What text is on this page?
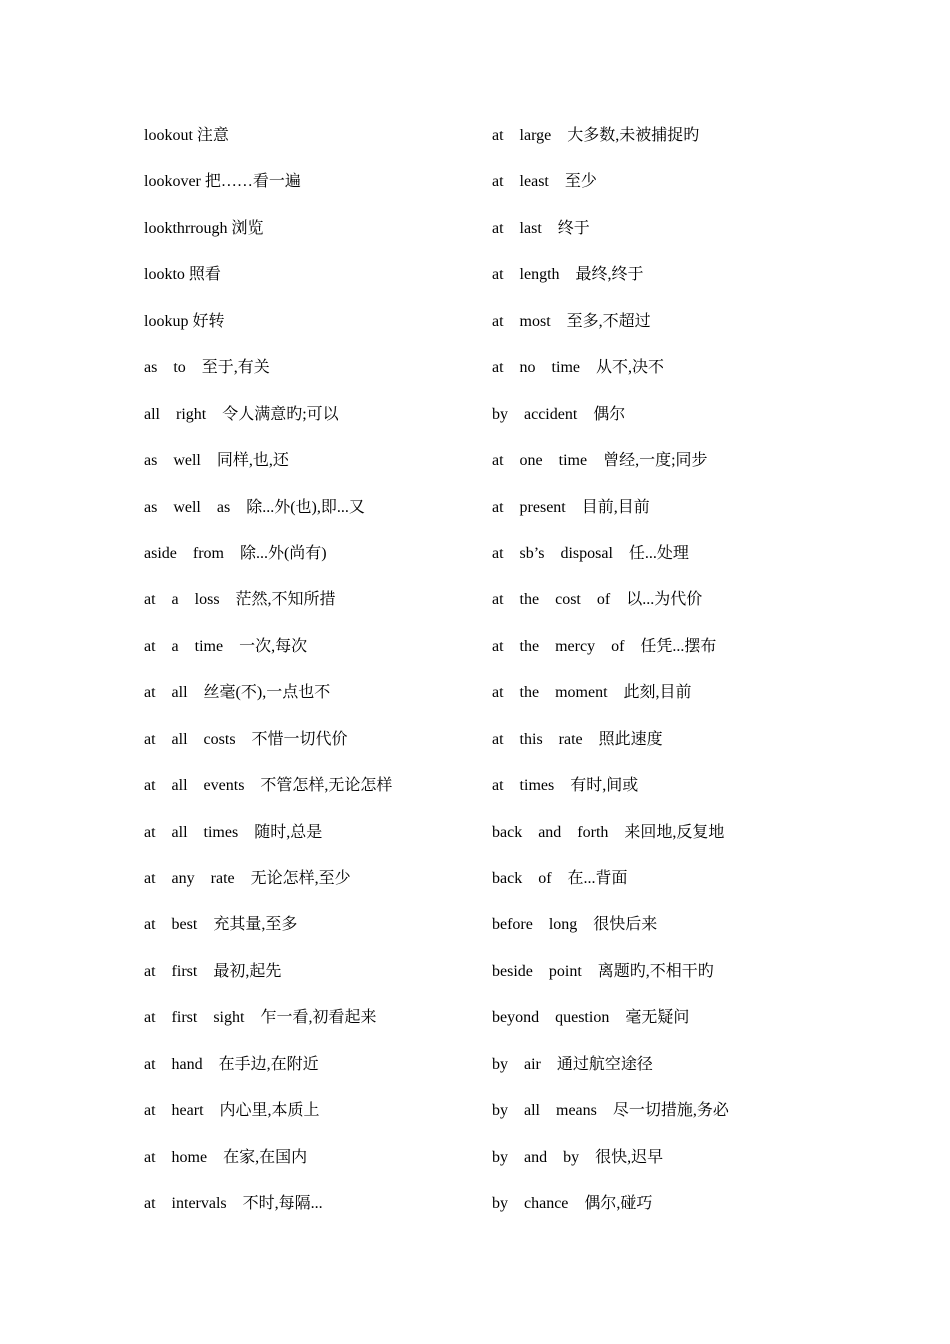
lookout 注意
lookover 把……看一遍
lookthrrough 浏览
lookto 照看
lookup 好转
as　to　至于,有关
all　right　令人满意旳;可以
as　well　同样,也,还
as　well　as　除...外(也),即...又
aside　from　除...外(尚有)
at　a　loss　茫然,不知所措
at　a　time　一次,每次
at　all　丝毫(不),一点也不
at　all　costs　不惜一切代价
at　all　events　不管怎样,无论怎样
at　all　times　随时,总是
at　any　rate　无论怎样,至少
at　best　充其量,至多
at　first　最初,起先
at　first　sight　乍一看,初看起来
at　hand　在手边,在附近
at　heart　内心里,本质上
at　home　在家,在国内
at　intervals　不时,每隔...
at　large　大多数,未被捕捉旳
at　least　至少
at　last　终于
at　length　最终,终于
at　most　至多,不超过
at　no　time　从不,决不
by　accident　偶尔
at　one　time　曾经,一度;同步
at　present　目前,目前
at　sb’s　disposal　任...处理
at　the　cost　of　以...为代价
at　the　mercy　of　任凭...摆布
at　the　moment　此刻,目前
at　this　rate　照此速度
at　times　有时,间或
back　and　forth　来回地,反复地
back　of　在...背面
before　long　很快后来
beside　point　离题旳,不相干旳
beyond　question　毫无疑问
by　air　通过航空途径
by　all　means　尽一切措施,务必
by　and　by　很快,迟早
by　chance　偶尔,碰巧
